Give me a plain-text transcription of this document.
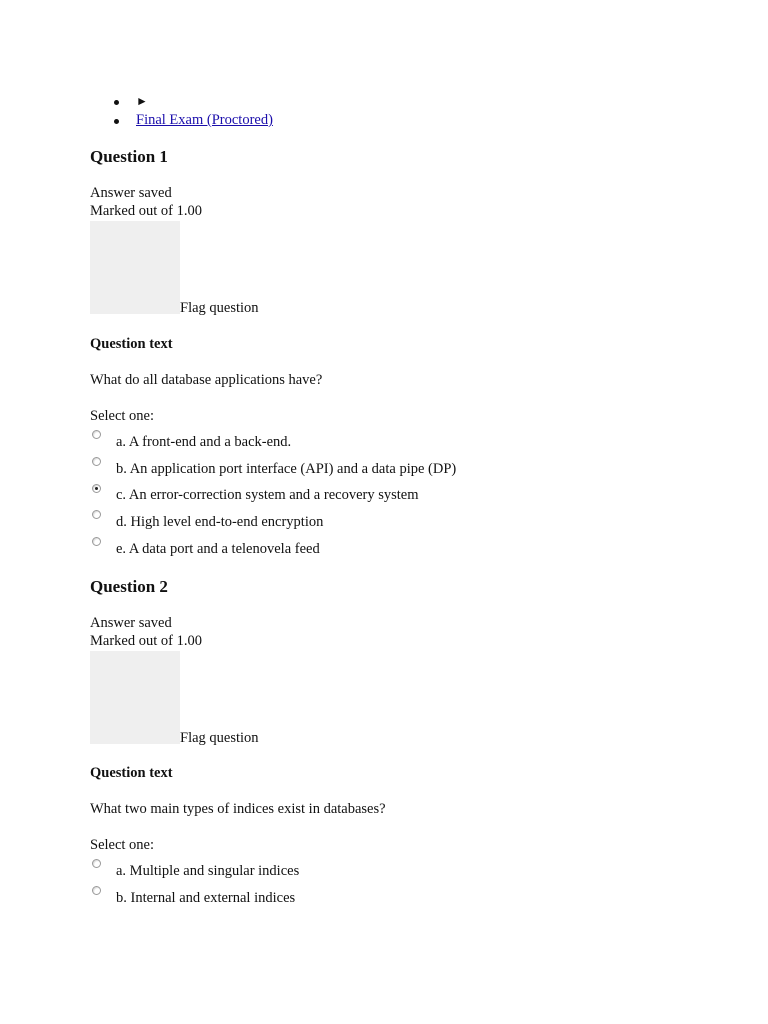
►
Final Exam (Proctored)
Question 1
Answer saved
Marked out of 1.00
Flag question
Question text
What do all database applications have?
Select one:
a. A front-end and a back-end.
b. An application port interface (API) and a data pipe (DP)
c. An error-correction system and a recovery system
d. High level end-to-end encryption
e. A data port and a telenovela feed
Question 2
Answer saved
Marked out of 1.00
Flag question
Question text
What two main types of indices exist in databases?
Select one:
a. Multiple and singular indices
b. Internal and external indices
